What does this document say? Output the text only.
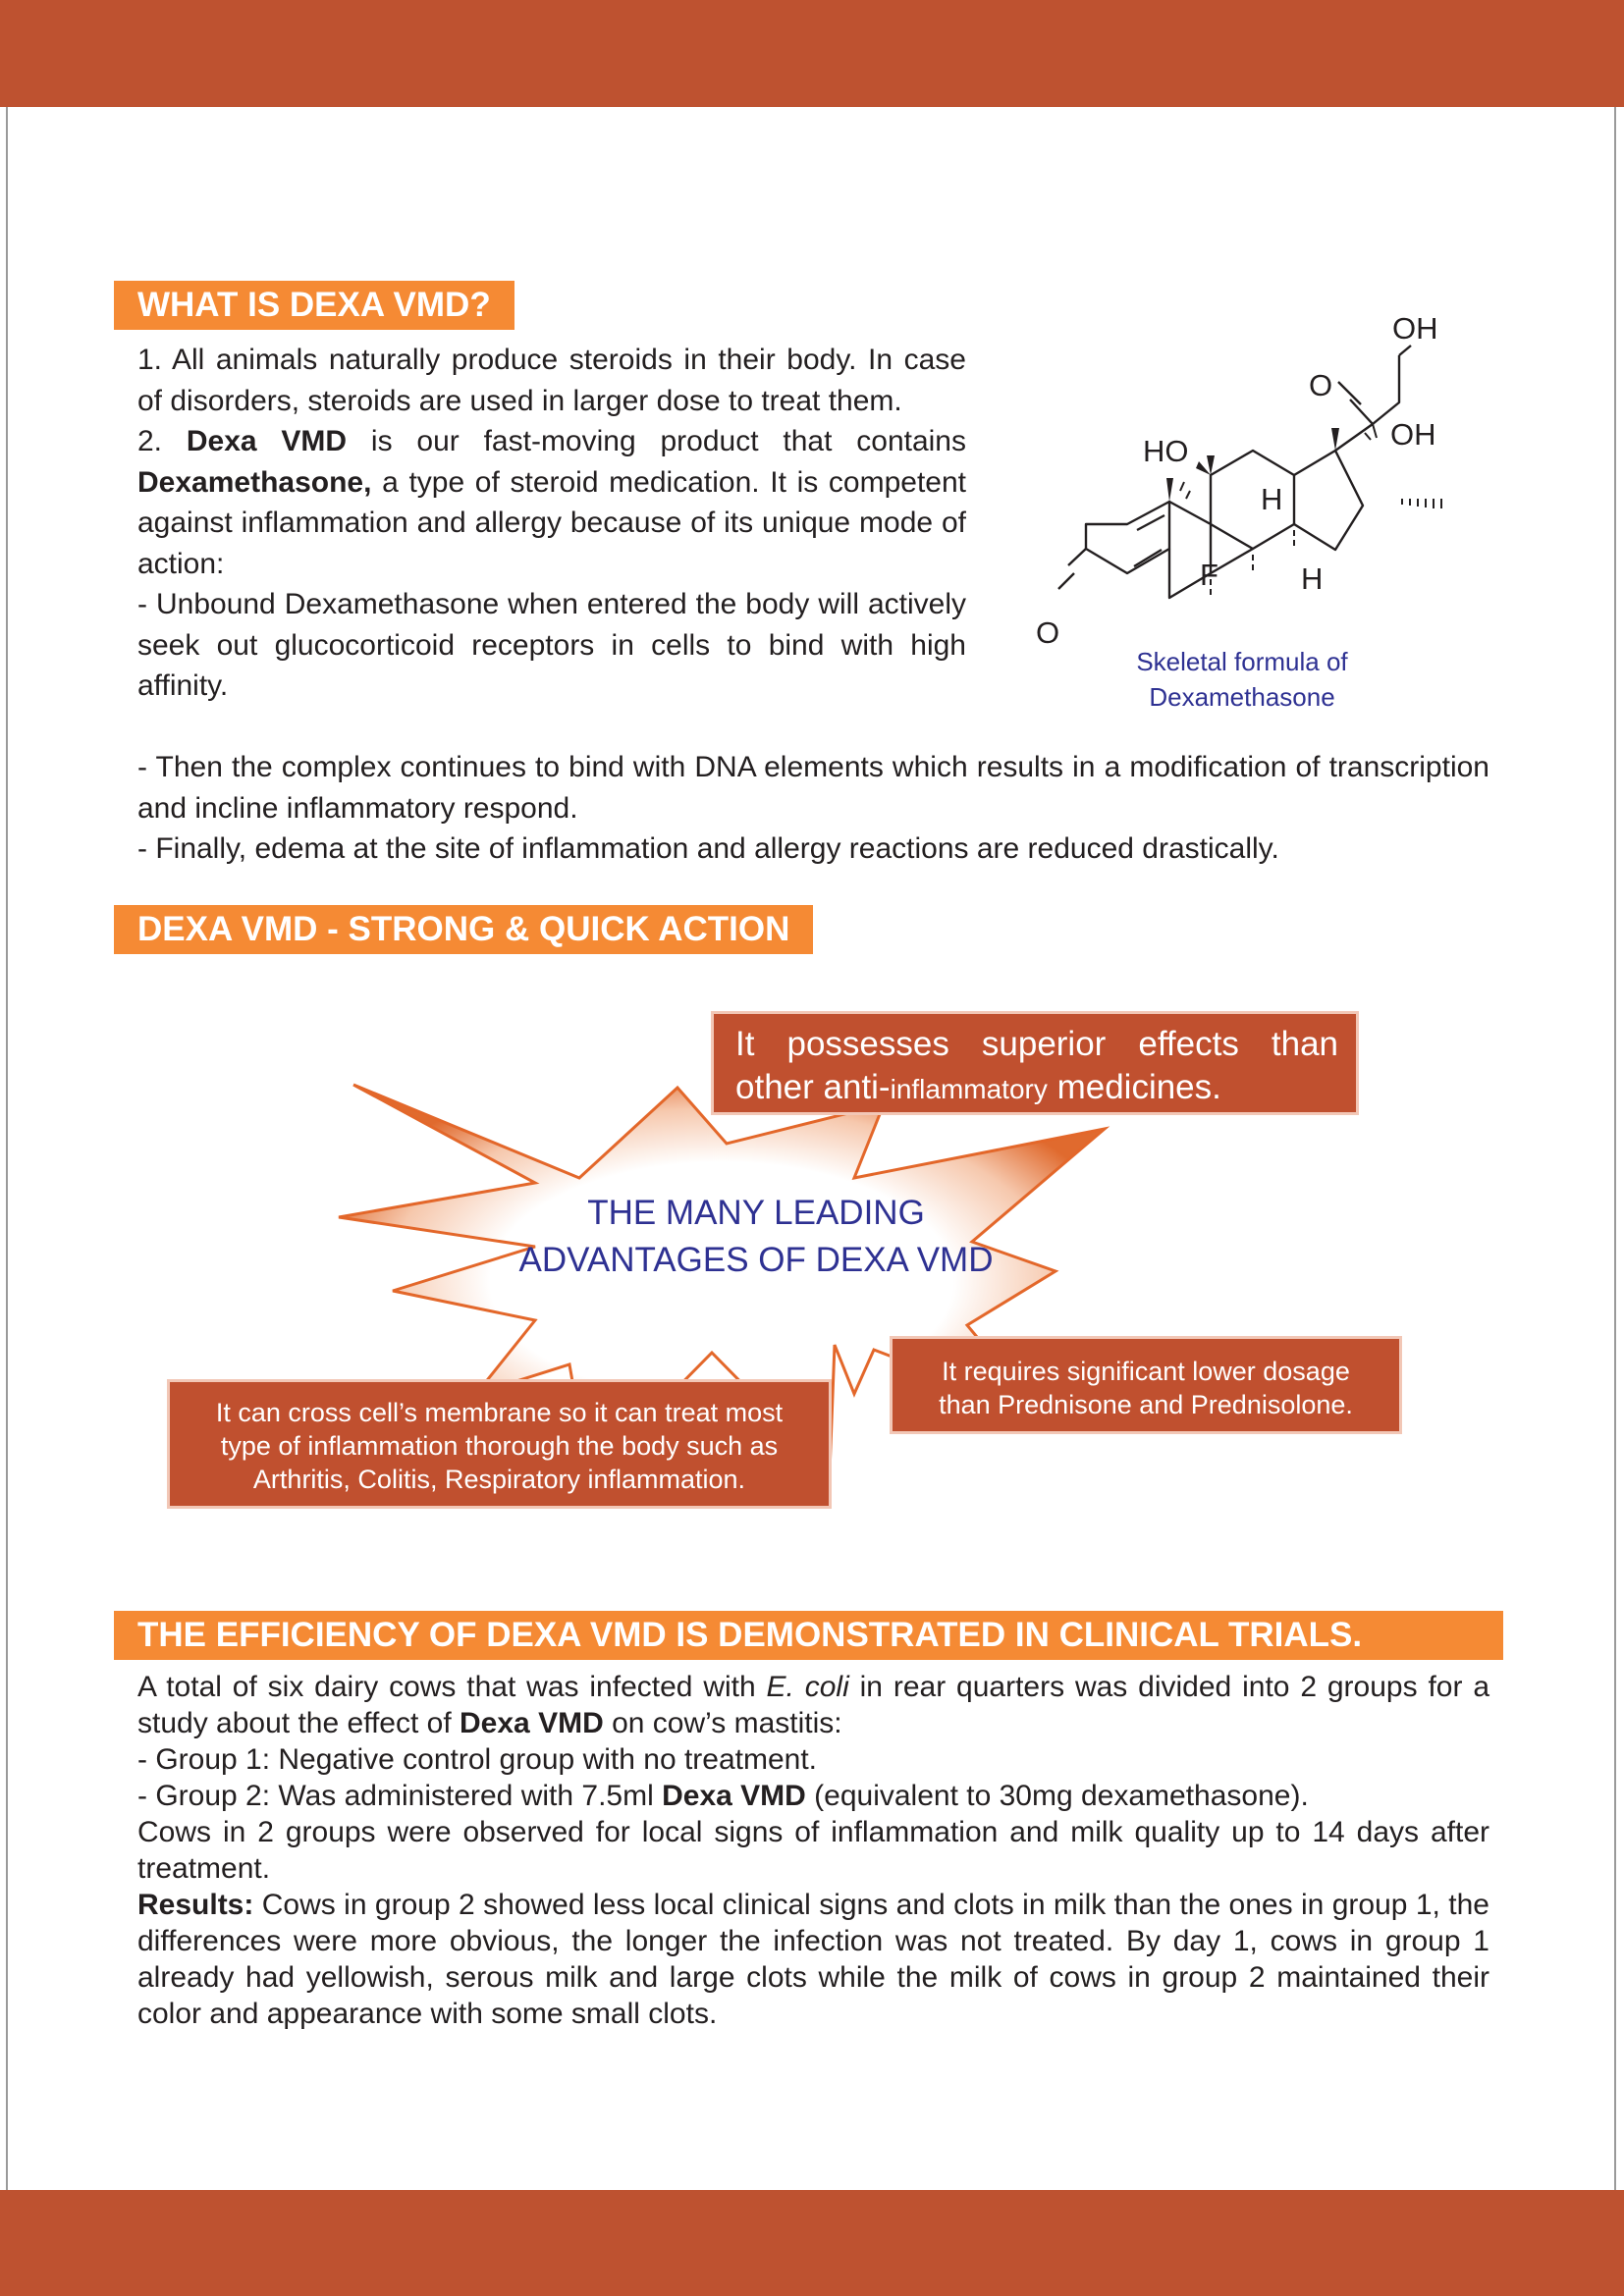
WHAT IS DEXA VMD?

1. All animals naturally produce steroids in their body. In case of disorders, steroids are used in larger dose to treat them.

2. Dexa VMD is our fast-moving product that contains Dexamethasone, a type of steroid medication. It is competent against inflammation and allergy because of its unique mode of action:

- Unbound Dexamethasone when entered the body will actively seek out glucocorticoid receptors in cells to bind with high affinity.

- Then the complex continues to bind with DNA elements which results in a modification of transcription and incline inflammatory respond.

- Finally, edema at the site of inflammation and allergy reactions are reduced drastically.

OH
O
HO	OH
H
F	H
O
Skeletal formula of
Dexamethasone
DEXA VMD - STRONG & QUICK ACTION
THE MANY LEADING
ADVANTAGES OF DEXA VMD
It possesses superior effects than
other anti-inflammatory medicines.
It requires significant lower dosage than Prednisone and Prednisolone.
It can cross cell’s membrane so it can treat most
type of inflammation thorough the body such as
Arthritis, Colitis, Respiratory inflammation.
THE EFFICIENCY OF DEXA VMD IS DEMONSTRATED IN CLINICAL TRIALS.

A total of six dairy cows that was infected with E. coli in rear quarters was divided into 2 groups for a study about the effect of Dexa VMD on cow’s mastitis:

- Group 1: Negative control group with no treatment.

- Group 2: Was administered with 7.5ml Dexa VMD (equivalent to 30mg dexamethasone).

Cows in 2 groups were observed for local signs of inflammation and milk quality up to 14 days after treatment.

Results: Cows in group 2 showed less local clinical signs and clots in milk than the ones in group 1, the differences were more obvious, the longer the infection was not treated. By day 1, cows in group 1 already had yellowish, serous milk and large clots while the milk of cows in group 2 maintained their color and appearance with some small clots.
